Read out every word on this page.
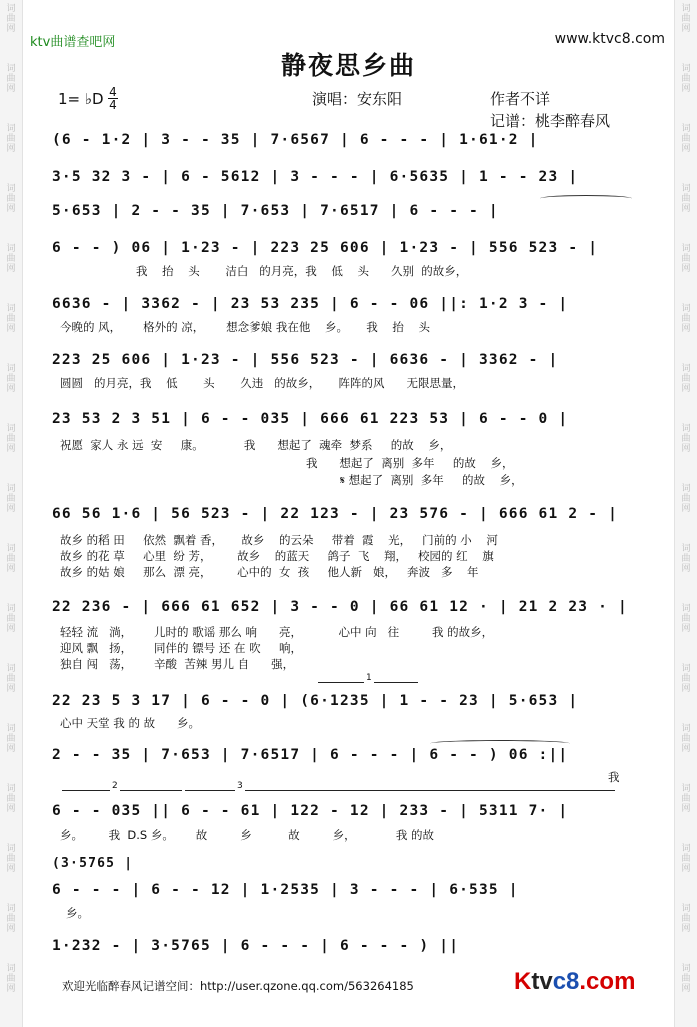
词
曲
网
词
曲
网
词
曲
网
词
曲
网
词
曲
网
词
曲
网
词
曲
网
词
曲
网
词
曲
网
词
曲
网
词
曲
网
词
曲
网
词
曲
网
词
曲
网
词
曲
网
词
曲
网
词
曲
网
词
曲
网
词
曲
网
词
曲
网
词
曲
网
词
曲
网
词
曲
网
词
曲
网
词
曲
网
词
曲
网
词
曲
网
词
曲
网
词
曲
网
词
曲
网
词
曲
网
词
曲
网
词
曲
网
词
曲
网
ktv曲谱查吧网	www.ktvc8.com
静夜思乡曲
1= ♭D 4
4	演唱：安东阳	作者不详
记谱：桃李醉春风
(6 - 1·2 | 3 - - 35 | 7·6567 | 6 - - - | 1·61·2 |
3·5 32 3 - | 6 - 5612 | 3 - - - | 6·5635 | 1 - - 23 |
5·653 | 2 - - 35 | 7·653 | 7·6517 | 6 - - - |
6 - - ) 06 | 1·23 - | 223 25 606 | 1·23 - | 556 523 - |
我    抬    头       洁白   的月亮，我    低    头      久别  的故乡，
6636 - | 3362 - | 23 53 235 | 6 - - 06 ||: 1·2 3 - |
今晚的 风，      格外的 凉，      想念爹娘 我在他    乡。     我    抬    头
223 25 606 | 1·23 - | 556 523 - | 6636 - | 3362 - |
圆圆   的月亮，我    低       头       久违   的故乡，     阵阵的风      无限思量，
23 53 2 3 51 | 6 - - 035 | 666 61 223 53 | 6 - - 0 |
祝愿  家人 永 远  安     康。           我      想起了  魂牵  梦系     的故    乡，
我      想起了  离别  多年     的故    乡，
𝄋 想起了  离别  多年     的故    乡，
66 56 1·6 | 56 523 - | 22 123 - | 23 576 - | 666 61 2 - |
故乡 的稻 田     依然  飘着 香，     故乡    的云朵     带着  霞    光，   门前的 小    河
故乡 的花 草     心里  纷 芳，       故乡    的蓝天     鸽子  飞    翔，   校园的 红    旗
故乡 的姑 娘     那么  漂 亮，       心中的  女  孩     他人新   娘，   奔波   多    年
22 236 - | 666 61 652 | 3 - - 0 | 66 61 12 · | 21 2 23 · |
轻轻 流   淌，      儿时的 歌谣 那么 响      亮，          心中 向   往         我 的故乡，
迎风 飘   扬，      同伴的 镖号 还 在 吹     响，
独自 闯   荡，      辛酸  苦辣 男儿 自      强，
1
22 23 5 3 17 | 6 - - 0 | (6·1235 | 1 - - 23 | 5·653 |
心中 天堂 我 的 故      乡。
2 - - 35 | 7·653 | 7·6517 | 6 - - - | 6 - - ) 06 :||
我
2	3
6 - - 035 || 6 - - 61 | 122 - 12 | 233 - | 5311 7· |
乡。       我  D.S 乡。      故         乡          故         乡，           我 的故
(3·5765 |
6 - - - | 6 - - 12 | 1·2535 | 3 - - - | 6·535 |
乡。
1·232 - | 3·5765 | 6 - - - | 6 - - - ) ||
欢迎光临醉春风记谱空间：http://user.qzone.qq.com/563264185	Ktvc8.com
